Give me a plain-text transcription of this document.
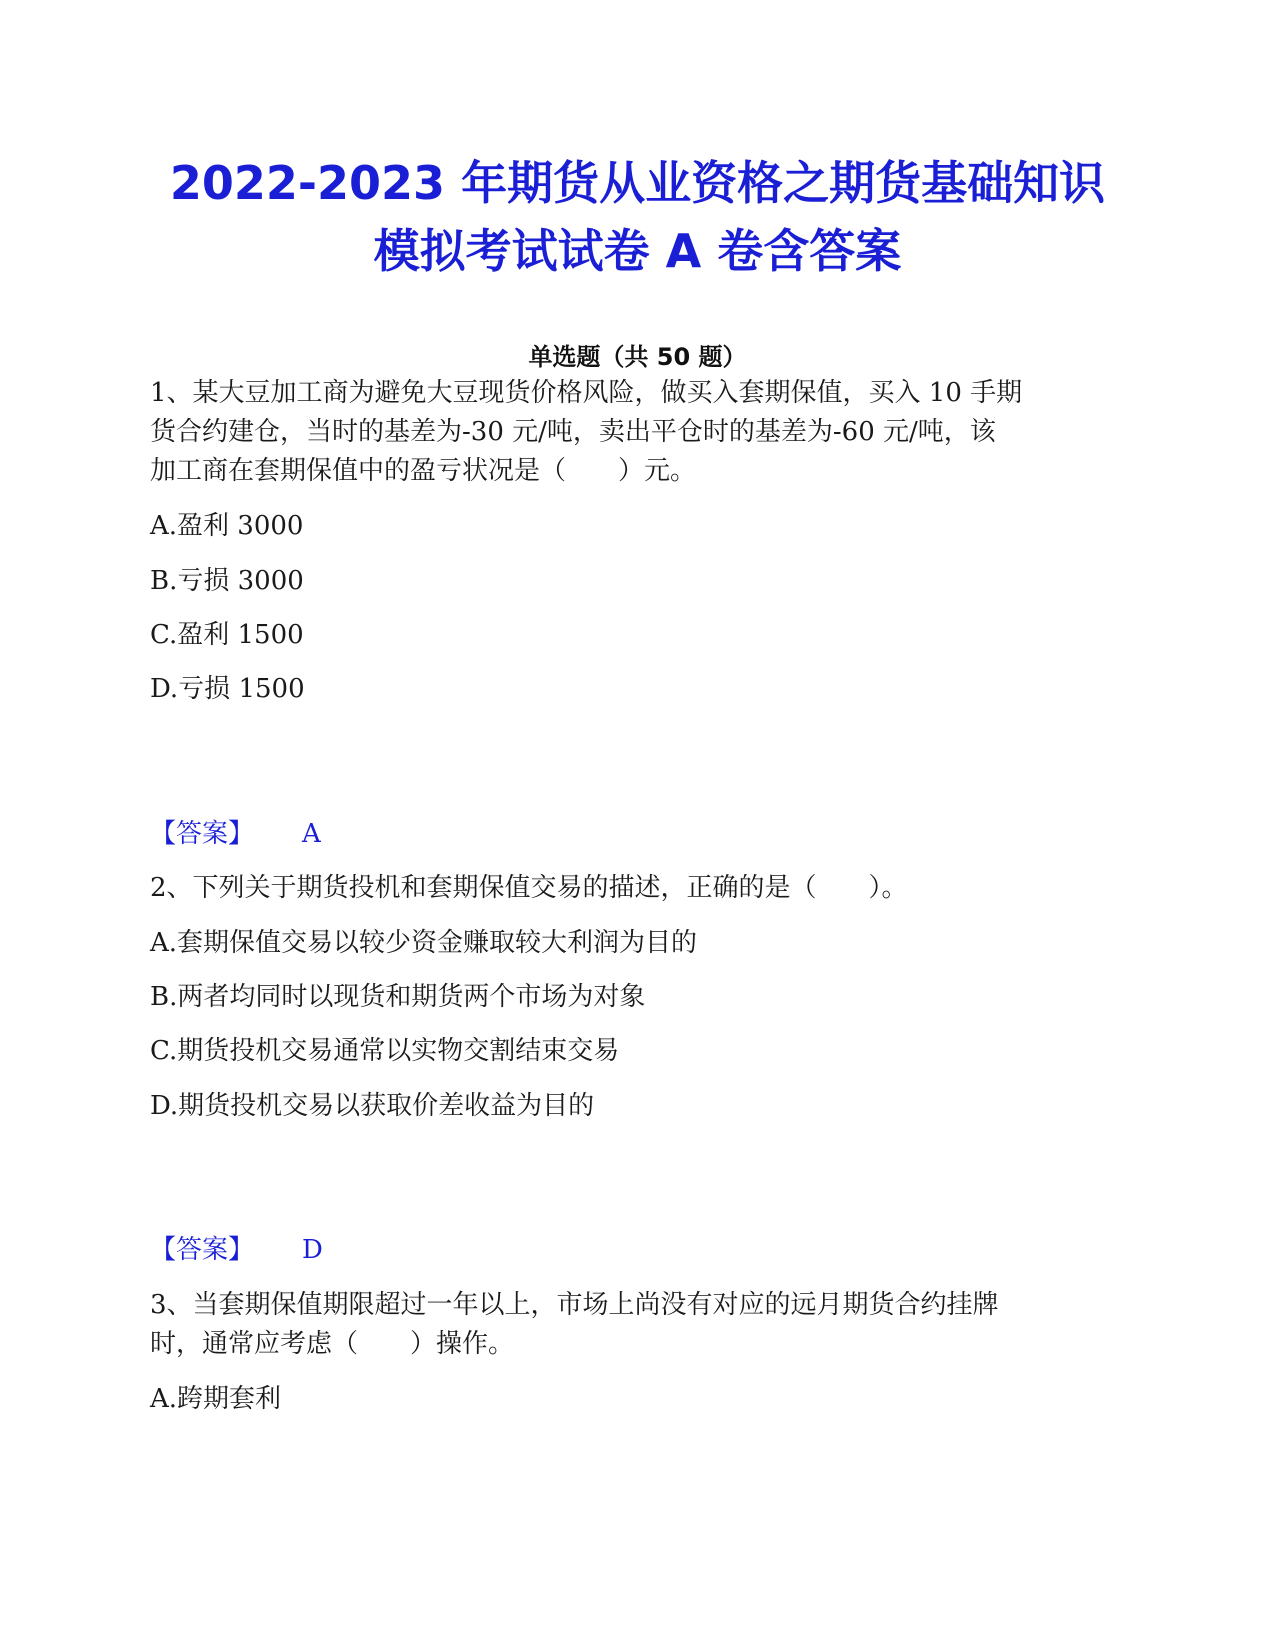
2022-2023 年期货从业资格之期货基础知识
模拟考试试卷 A 卷含答案
单选题（共 50 题）
1、某大豆加工商为避免大豆现货价格风险，做买入套期保值，买入 10 手期
货合约建仓，当时的基差为-30 元/吨，卖出平仓时的基差为-60 元/吨，该
加工商在套期保值中的盈亏状况是（　　）元。
A.盈利 3000
B.亏损 3000
C.盈利 1500
D.亏损 1500
【答案】 A
2、下列关于期货投机和套期保值交易的描述，正确的是（　　）。
A.套期保值交易以较少资金赚取较大利润为目的
B.两者均同时以现货和期货两个市场为对象
C.期货投机交易通常以实物交割结束交易
D.期货投机交易以获取价差收益为目的
【答案】 D
3、当套期保值期限超过一年以上，市场上尚没有对应的远月期货合约挂牌
时，通常应考虑（　　）操作。
A.跨期套利
